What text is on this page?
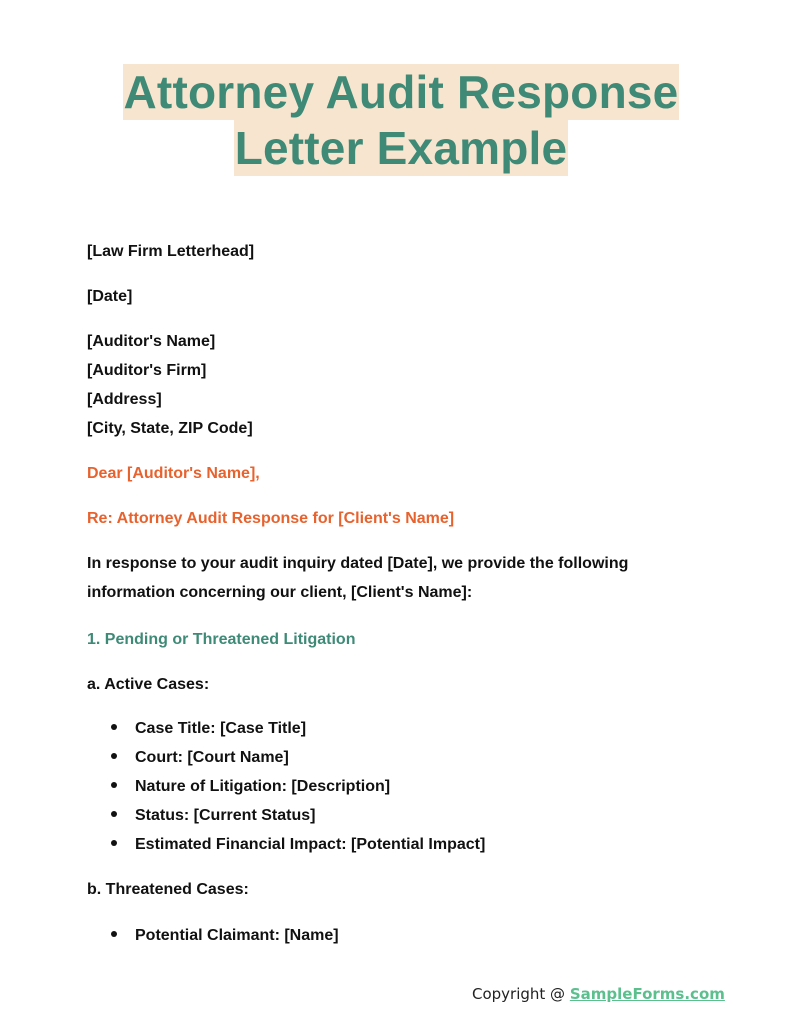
Attorney Audit Response
Letter Example
[Law Firm Letterhead]
[Date]
[Auditor's Name]
[Auditor's Firm]
[Address]
[City, State, ZIP Code]
Dear [Auditor's Name],
Re: Attorney Audit Response for [Client's Name]
In response to your audit inquiry dated [Date], we provide the following
information concerning our client, [Client's Name]:
1. Pending or Threatened Litigation
a. Active Cases:
Case Title: [Case Title]
Court: [Court Name]
Nature of Litigation: [Description]
Status: [Current Status]
Estimated Financial Impact: [Potential Impact]
b. Threatened Cases:
Potential Claimant: [Name]
Copyright @ SampleForms.com
